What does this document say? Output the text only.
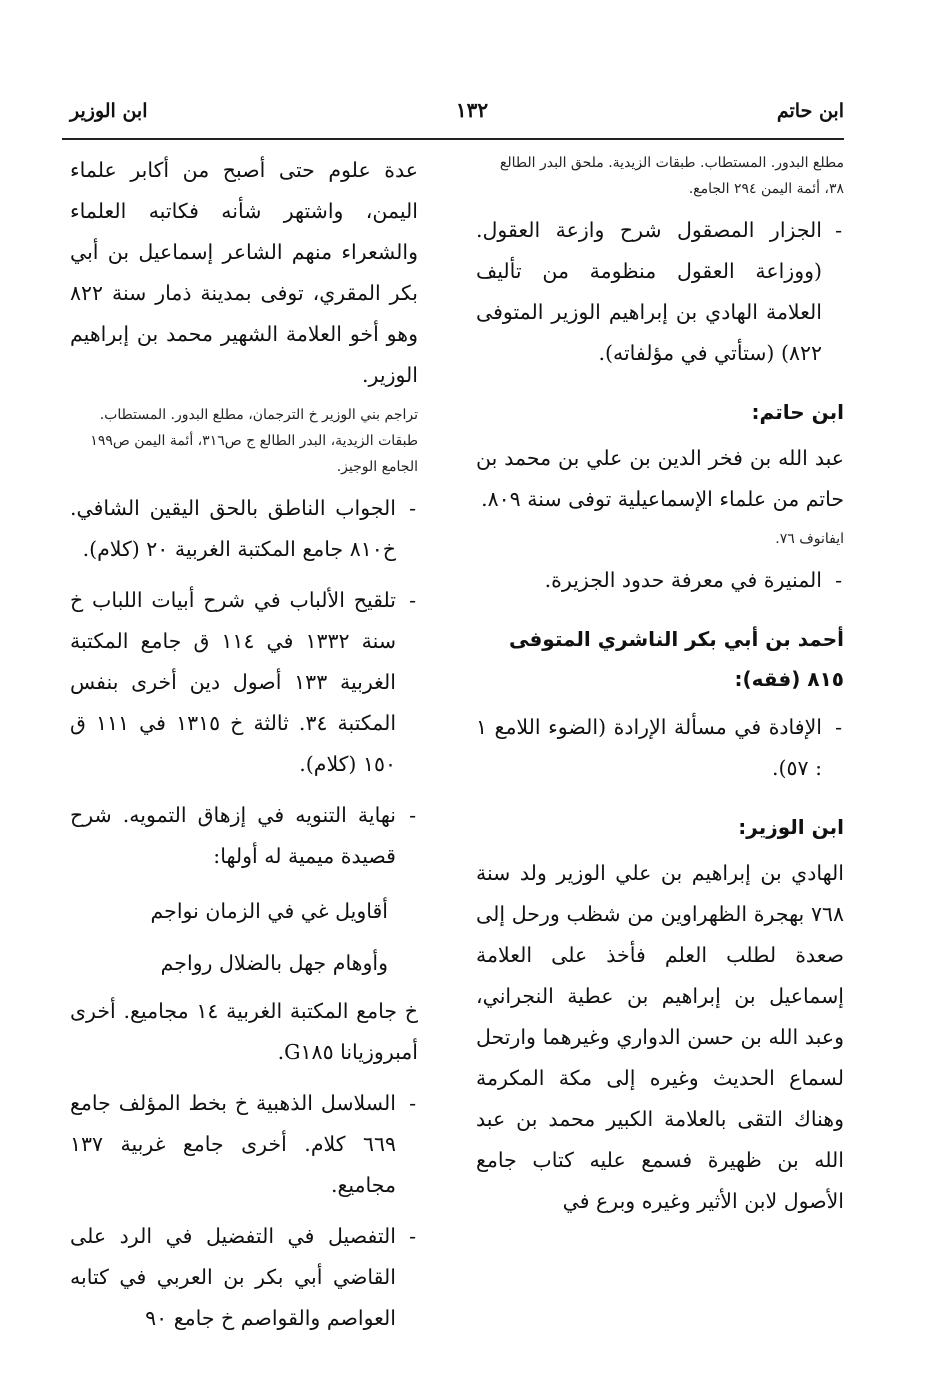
ابن حاتم
١٣٢
ابن الوزير

مطلع البدور. المستطاب. طبقات الزيدية. ملحق البدر الطالع ٣٨، أئمة اليمن ٢٩٤ الجامع.

- الجزار المصقول شرح وازعة العقول. (ووزاعة العقول منظومة من تأليف العلامة الهادي بن إبراهيم الوزير المتوفى ٨٢٢) (ستأتي في مؤلفاته).

ابن حاتم:

عبد الله بن فخر الدين بن علي بن محمد بن حاتم من علماء الإسماعيلية توفى سنة ٨٠٩.

ايفانوف ٧٦.

- المنيرة في معرفة حدود الجزيرة.

أحمد بن أبي بكر الناشري المتوفى ٨١٥ (فقه):

- الإفادة في مسألة الإرادة (الضوء اللامع ١ : ٥٧).

ابن الوزير:

الهادي بن إبراهيم بن علي الوزير ولد سنة ٧٦٨ بهجرة الظهراوين من شظب ورحل إلى صعدة لطلب العلم فأخذ على العلامة إسماعيل بن إبراهيم بن عطية النجراني، وعبد الله بن حسن الدواري وغيرهما وارتحل لسماع الحديث وغيره إلى مكة المكرمة وهناك التقى بالعلامة الكبير محمد بن عبد الله بن ظهيرة فسمع عليه كتاب جامع الأصول لابن الأثير وغيره وبرع في

عدة علوم حتى أصبح من أكابر علماء اليمن، واشتهر شأنه فكاتبه العلماء والشعراء منهم الشاعر إسماعيل بن أبي بكر المقري، توفى بمدينة ذمار سنة ٨٢٢ وهو أخو العلامة الشهير محمد بن إبراهيم الوزير.

تراجم بني الوزير خ الترجمان، مطلع البدور. المستطاب. طبقات الزيدية، البدر الطالع ج ص٣١٦، أئمة اليمن ص١٩٩ الجامع الوجيز.

- الجواب الناطق بالحق اليقين الشافي. خ٨١٠ جامع المكتبة الغربية ٢٠ (كلام).

- تلقيح الألباب في شرح أبيات اللباب خ سنة ١٣٣٢ في ١١٤ ق جامع المكتبة الغربية ١٣٣ أصول دين أخرى بنفس المكتبة ٣٤. ثالثة خ ١٣١٥ في ١١١ ق ١٥٠ (كلام).

- نهاية التنويه في إزهاق التمويه. شرح قصيدة ميمية له أولها:

أقاويل غي في الزمان نواجم
وأوهام جهل بالضلال رواجم

خ جامع المكتبة الغربية ١٤ مجاميع. أخرى أمبروزيانا G١٨٥.

- السلاسل الذهبية خ بخط المؤلف جامع ٦٦٩ كلام. أخرى جامع غربية ١٣٧ مجاميع.

- التفصيل في التفضيل في الرد على القاضي أبي بكر بن العربي في كتابه العواصم والقواصم خ جامع ٩٠
